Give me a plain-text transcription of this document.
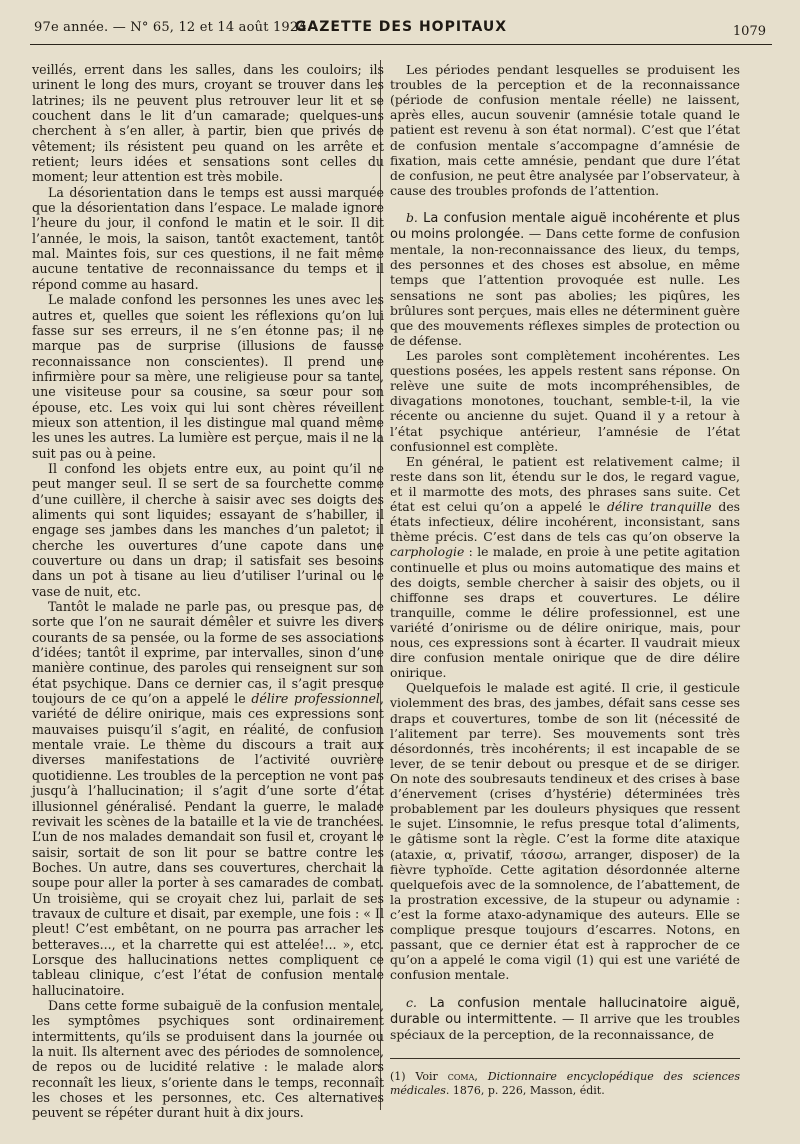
97e année. — N° 65, 12 et 14 août 1924.
GAZETTE DES HOPITAUX	1079

veillés, errent dans les salles, dans les couloirs; ils urinent le long des murs, croyant se trouver dans les latrines; ils ne peuvent plus retrouver leur lit et se couchent dans le lit d’un camarade; quelques-uns cherchent à s’en aller, à partir, bien que privés de vêtement; ils résistent peu quand on les arrête et retient; leurs idées et sensations sont celles du moment; leur attention est très mobile.

La désorientation dans le temps est aussi marquée que la désorientation dans l’espace. Le malade ignore l’heure du jour, il confond le matin et le soir. Il dit l’année, le mois, la saison, tantôt exactement, tantôt mal. Maintes fois, sur ces questions, il ne fait même aucune tentative de reconnaissance du temps et il répond comme au hasard.

Le malade confond les personnes les unes avec les autres et, quelles que soient les réflexions qu’on lui fasse sur ses erreurs, il ne s’en étonne pas; il ne marque pas de surprise (illusions de fausse reconnaissance non conscientes). Il prend une infirmière pour sa mère, une religieuse pour sa tante, une visiteuse pour sa cousine, sa sœur pour son épouse, etc. Les voix qui lui sont chères réveillent mieux son attention, il les distingue mal quand même les unes les autres. La lumière est perçue, mais il ne la suit pas ou à peine.

Il confond les objets entre eux, au point qu’il ne peut manger seul. Il se sert de sa fourchette comme d’une cuillère, il cherche à saisir avec ses doigts des aliments qui sont liquides; essayant de s’habiller, il engage ses jambes dans les manches d’un paletot; il cherche les ouvertures d’une capote dans une couverture ou dans un drap; il satisfait ses besoins dans un pot à tisane au lieu d’utiliser l’urinal ou le vase de nuit, etc.

Tantôt le malade ne parle pas, ou presque pas, de sorte que l’on ne saurait démêler et suivre les divers courants de sa pensée, ou la forme de ses associations d’idées; tantôt il exprime, par intervalles, sinon d’une manière continue, des paroles qui renseignent sur son état psychique. Dans ce dernier cas, il s’agit presque toujours de ce qu’on a appelé le délire professionnel, variété de délire onirique, mais ces expressions sont mauvaises puisqu’il s’agit, en réalité, de confusion mentale vraie. Le thème du discours a trait aux diverses manifestations de l’activité ouvrière quotidienne. Les troubles de la perception ne vont pas jusqu’à l’hallucination; il s’agit d’une sorte d’état illusionnel généralisé. Pendant la guerre, le malade revivait les scènes de la bataille et la vie de tranchées. L’un de nos malades demandait son fusil et, croyant le saisir, sortait de son lit pour se battre contre les Boches. Un autre, dans ses couvertures, cherchait la soupe pour aller la porter à ses camarades de combat. Un troisième, qui se croyait chez lui, parlait de ses travaux de culture et disait, par exemple, une fois : « Il pleut! C’est embêtant, on ne pourra pas arracher les betteraves..., et la charrette qui est attelée!... », etc. Lorsque des hallucinations nettes compliquent ce tableau clinique, c’est l’état de confusion mentale hallucinatoire.

Dans cette forme subaiguë de la confusion mentale, les symptômes psychiques sont ordinairement intermittents, qu’ils se produisent dans la journée ou la nuit. Ils alternent avec des périodes de somnolence, de repos ou de lucidité relative : le malade alors reconnaît les lieux, s’oriente dans le temps, reconnaît les choses et les personnes, etc. Ces alternatives peuvent se répéter durant huit à dix jours.

Les périodes pendant lesquelles se produisent les troubles de la perception et de la reconnaissance (période de confusion mentale réelle) ne laissent, après elles, aucun souvenir (amnésie totale quand le patient est revenu à son état normal). C’est que l’état de confusion mentale s’accompagne d’amnésie de fixation, mais cette amnésie, pendant que dure l’état de confusion, ne peut être analysée par l’observateur, à cause des troubles profonds de l’attention.

b. La confusion mentale aiguë incohérente et plus ou moins prolongée. — Dans cette forme de confusion mentale, la non-reconnaissance des lieux, du temps, des personnes et des choses est absolue, en même temps que l’attention provoquée est nulle. Les sensations ne sont pas abolies; les piqûres, les brûlures sont perçues, mais elles ne déterminent guère que des mouvements réflexes simples de protection ou de défense.

Les paroles sont complètement incohérentes. Les questions posées, les appels restent sans réponse. On relève une suite de mots incompréhensibles, de divagations monotones, touchant, semble-t-il, la vie récente ou ancienne du sujet. Quand il y a retour à l’état psychique antérieur, l’amnésie de l’état confusionnel est complète.

En général, le patient est relativement calme; il reste dans son lit, étendu sur le dos, le regard vague, et il marmotte des mots, des phrases sans suite. Cet état est celui qu’on a appelé le délire tranquille des états infectieux, délire incohérent, inconsistant, sans thème précis. C’est dans de tels cas qu’on observe la carphologie : le malade, en proie à une petite agitation continuelle et plus ou moins automatique des mains et des doigts, semble chercher à saisir des objets, ou il chiffonne ses draps et couvertures. Le délire tranquille, comme le délire professionnel, est une variété d’onirisme ou de délire onirique, mais, pour nous, ces expressions sont à écarter. Il vaudrait mieux dire confusion mentale onirique que de dire délire onirique.

Quelquefois le malade est agité. Il crie, il gesticule violemment des bras, des jambes, défait sans cesse ses draps et couvertures, tombe de son lit (nécessité de l’alitement par terre). Ses mouvements sont très désordonnés, très incohérents; il est incapable de se lever, de se tenir debout ou presque et de se diriger. On note des soubresauts tendineux et des crises à base d’énervement (crises d’hystérie) déterminées très probablement par les douleurs physiques que ressent le sujet. L’insomnie, le refus presque total d’aliments, le gâtisme sont la règle. C’est la forme dite ataxique (ataxie, α, privatif, τάσσω, arranger, disposer) de la fièvre typhoïde. Cette agitation désordonnée alterne quelquefois avec de la somnolence, de l’abattement, de la prostration excessive, de la stupeur ou adynamie : c’est la forme ataxo-adynamique des auteurs. Elle se complique presque toujours d’escarres. Notons, en passant, que ce dernier état est à rapprocher de ce qu’on a appelé le coma vigil (1) qui est une variété de confusion mentale.

c. La confusion mentale hallucinatoire aiguë, durable ou intermittente. — Il arrive que les troubles spéciaux de la perception, de la reconnaissance, de

(1) Voir coma, Dictionnaire encyclopédique des sciences médicales. 1876, p. 226, Masson, édit.
